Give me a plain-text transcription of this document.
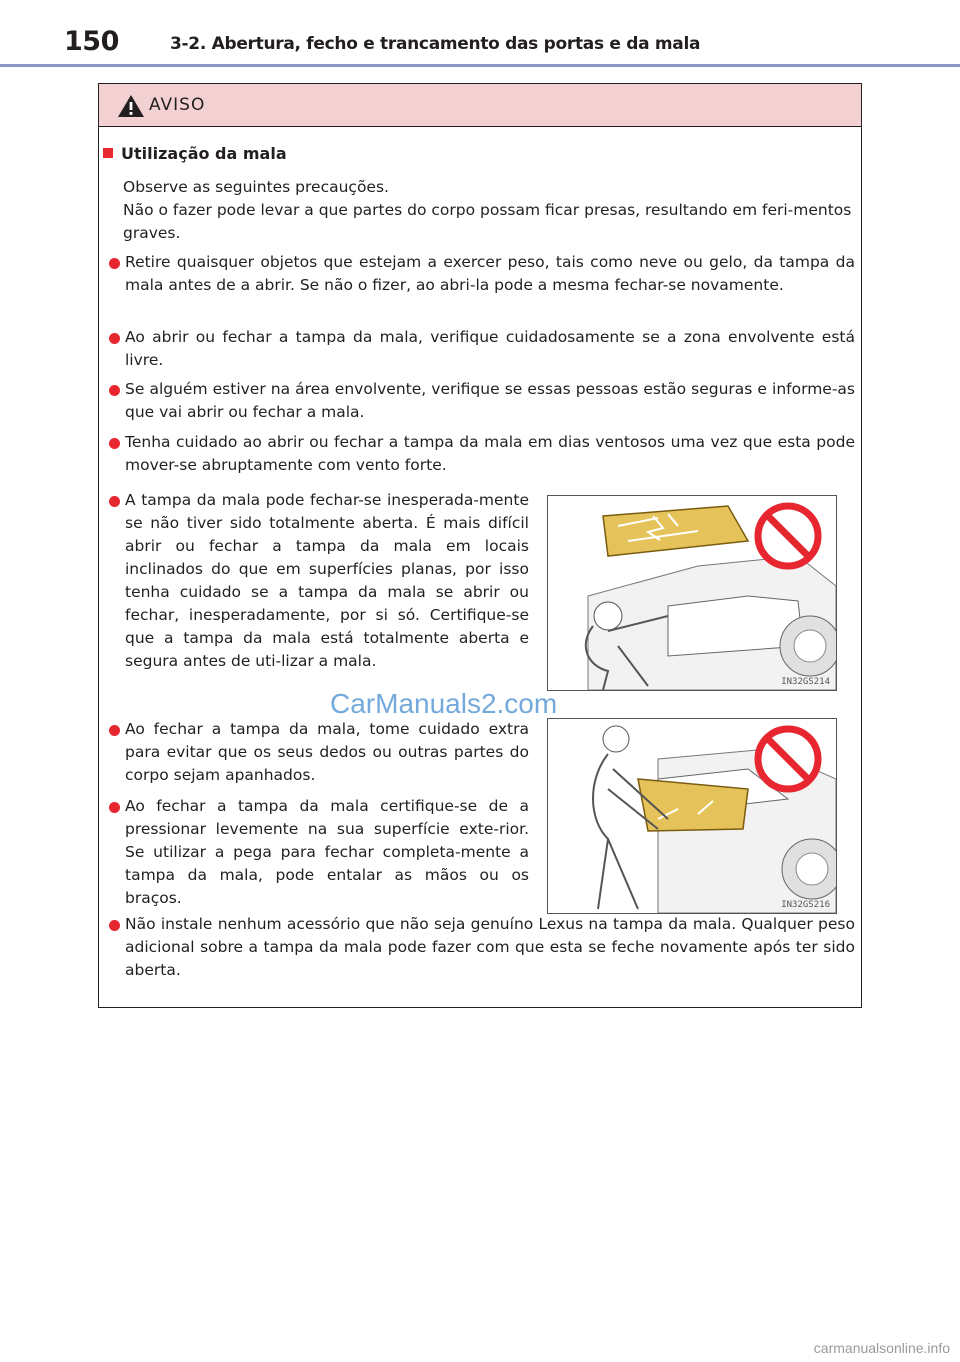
150	3-2. Abertura, fecho e trancamento das portas e da mala
AVISO
Utilização da mala
Observe as seguintes precauções.
Não o fazer pode levar a que partes do corpo possam ficar presas, resultando em feri-mentos graves.
Retire quaisquer objetos que estejam a exercer peso, tais como neve ou gelo, da tampa da mala antes de a abrir. Se não o fizer, ao abri-la pode a mesma fechar-se novamente.
Ao abrir ou fechar a tampa da mala, verifique cuidadosamente se a zona envolvente está livre.
Se alguém estiver na área envolvente, verifique se essas pessoas estão seguras e informe-as que vai abrir ou fechar a mala.
Tenha cuidado ao abrir ou fechar a tampa da mala em dias ventosos uma vez que esta pode mover-se abruptamente com vento forte.
A tampa da mala pode fechar-se inesperada-mente se não tiver sido totalmente aberta. É mais difícil abrir ou fechar a tampa da mala em locais inclinados do que em superfícies planas, por isso tenha cuidado se a tampa da mala se abrir ou fechar, inesperadamente, por si só. Certifique-se que a tampa da mala está totalmente aberta e segura antes de uti-lizar a mala.
IN32GS214
Ao fechar a tampa da mala, tome cuidado extra para evitar que os seus dedos ou outras partes do corpo sejam apanhados.
Ao fechar a tampa da mala certifique-se de a pressionar levemente na sua superfície exte-rior. Se utilizar a pega para fechar completa-mente a tampa da mala, pode entalar as mãos ou os braços.	IN32GS216
Não instale nenhum acessório que não seja genuíno Lexus na tampa da mala. Qualquer peso adicional sobre a tampa da mala pode fazer com que esta se feche novamente após ter sido aberta.
CarManuals2.com
carmanualsonline.info
